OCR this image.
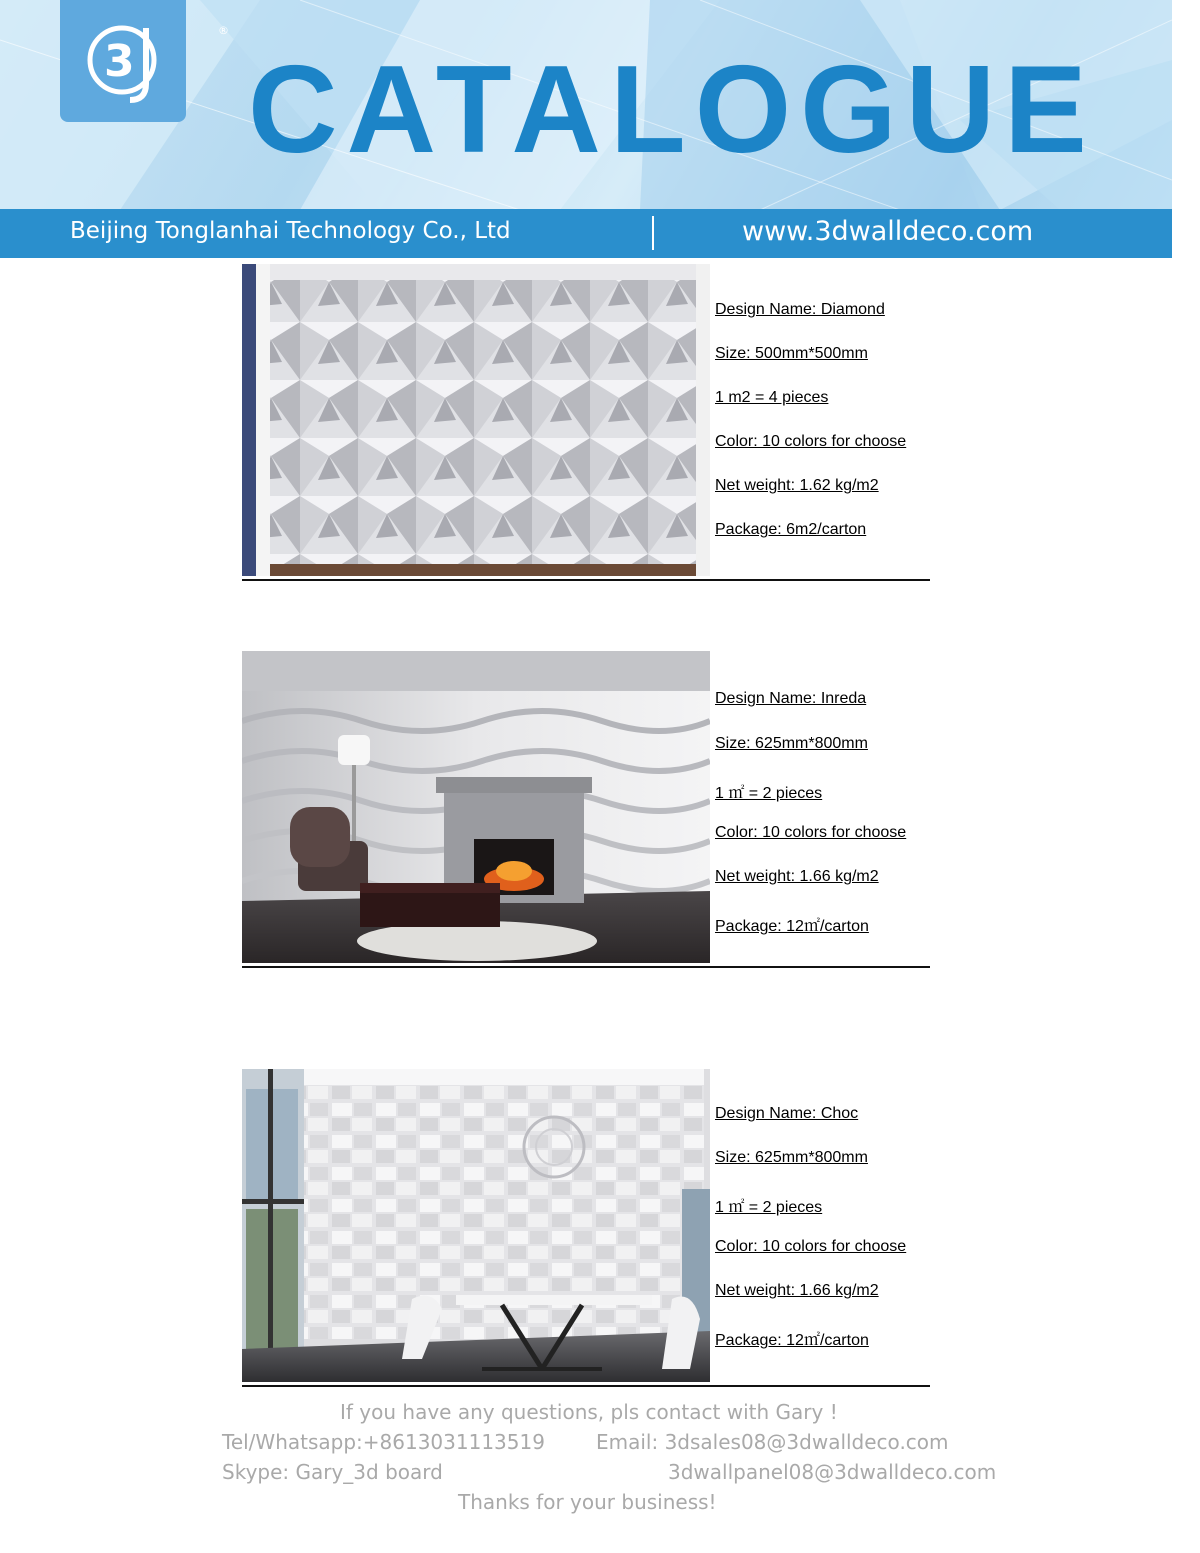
3
®
CATALOGUE
Beijing Tonglanhai Technology Co., Ltd	www.3dwalldeco.com
Design Name: Diamond
Size: 500mm*500mm
1 m2 = 4 pieces
Color: 10 colors for choose
Net weight: 1.62 kg/m2
Package: 6m2/carton
Design Name: Inreda
Size: 625mm*800mm
1 ㎡ = 2 pieces
Color: 10 colors for choose
Net weight: 1.66 kg/m2
Package: 12㎡/carton
Design Name: Choc
Size: 625mm*800mm
1 ㎡ = 2 pieces
Color: 10 colors for choose
Net weight: 1.66 kg/m2
Package: 12㎡/carton
If you have any questions, pls contact with Gary !
Tel/Whatsapp:+8613031113519	Email: 3dsales08@3dwalldeco.com
Skype: Gary_3d board	3dwallpanel08@3dwalldeco.com
Thanks for your business!
